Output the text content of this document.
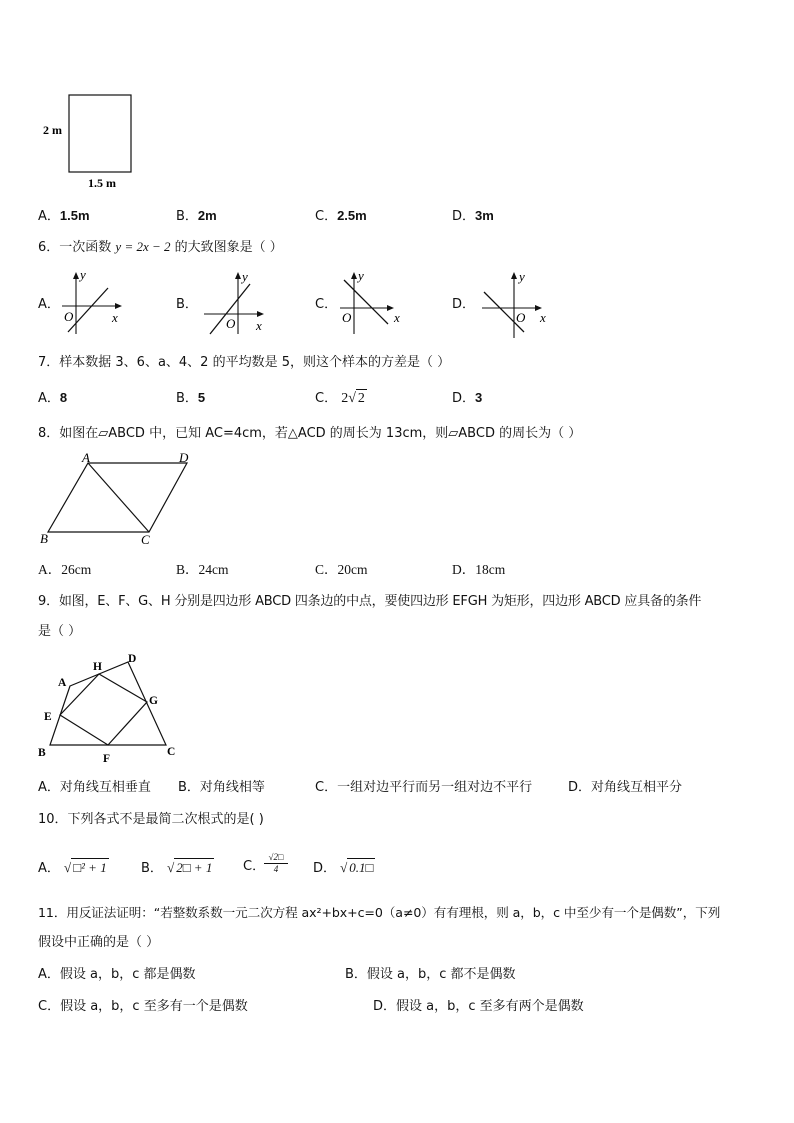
2 m
1.5 m
A．1.5m	B．2m	C．2.5m	D．3m
6．一次函数 y = 2x − 2 的大致图象是（ ）
A．	B．	C．	D．
y
x
O
y
x
O
y
x
O
y
x
O
7．样本数据 3、6、a、4、2 的平均数是 5，则这个样本的方差是（ ）
A．8	B．5	C． 2√ 2	D．3
8．如图在▱ABCD 中，已知 AC=4cm，若△ACD 的周长为 13cm，则▱ABCD 的周长为（ ）
A	D
B	C
A．26cm	B．24cm	C．20cm	D．18cm
9．如图，E、F、G、H 分别是四边形 ABCD 四条边的中点，要使四边形 EFGH 为矩形，四边形 ABCD 应具备的条件
是（ ）
A
H
D
G
E
B	F
C
A．对角线互相垂直 B．对角线相等	C．一组对边平行而另一组对边不平行	D．对角线互相平分
10．下列各式不是最简二次根式的是( )
A． √ □² + 1	B． √ 2□ + 1 C．
$\frac{√2□}{4}$ D． √ 0.1□
11．用反证法证明：“若整数系数一元二次方程 ax²+bx+c=0（a≠0）有有理根，则 a，b，c 中至少有一个是偶数”，下列
假设中正确的是（ ）
A．假设 a，b，c 都是偶数	B．假设 a，b，c 都不是偶数
C．假设 a，b，c 至多有一个是偶数	D．假设 a，b，c 至多有两个是偶数
